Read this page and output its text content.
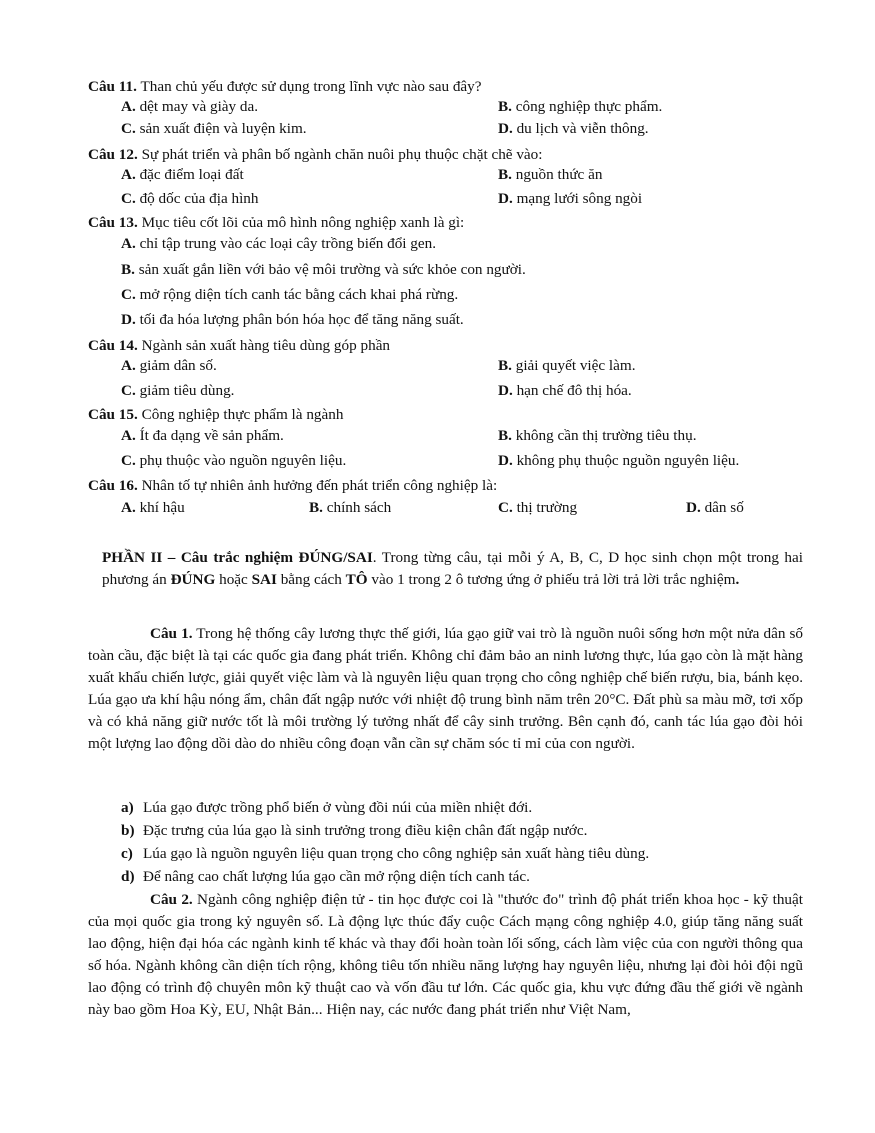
Câu 11. Than chủ yếu được sử dụng trong lĩnh vực nào sau đây?
A. dệt may và giày da.	B. công nghiệp thực phẩm.
C. sản xuất điện và luyện kim.	D. du lịch và viễn thông.
Câu 12. Sự phát triển và phân bố ngành chăn nuôi phụ thuộc chặt chẽ vào:
A. đặc điểm loại đất	B. nguồn thức ăn
C. độ dốc của địa hình	D. mạng lưới sông ngòi
Câu 13. Mục tiêu cốt lõi của mô hình nông nghiệp xanh là gì:
A. chỉ tập trung vào các loại cây trồng biến đổi gen.
B. sản xuất gắn liền với bảo vệ môi trường và sức khỏe con người.
C. mở rộng diện tích canh tác bằng cách khai phá rừng.
D. tối đa hóa lượng phân bón hóa học để tăng năng suất.
Câu 14. Ngành sản xuất hàng tiêu dùng góp phần
A. giảm dân số.	B. giải quyết việc làm.
C. giảm tiêu dùng.	D. hạn chế đô thị hóa.
Câu 15. Công nghiệp thực phẩm là ngành
A. Ít đa dạng về sản phẩm.	B. không cần thị trường tiêu thụ.
C. phụ thuộc vào nguồn nguyên liệu.	D. không phụ thuộc nguồn nguyên liệu.
Câu 16. Nhân tố tự nhiên ảnh hưởng đến phát triển công nghiệp là:
A. khí hậu	B. chính sách	C. thị trường	D. dân số
PHẦN II – Câu trắc nghiệm ĐÚNG/SAI. Trong từng câu, tại mỗi ý A, B, C, D học sinh chọn một trong hai phương án ĐÚNG hoặc SAI bằng cách TÔ vào 1 trong 2 ô tương ứng ở phiếu trả lời trả lời trắc nghiệm.
Câu 1. Trong hệ thống cây lương thực thế giới, lúa gạo giữ vai trò là nguồn nuôi sống hơn một nửa dân số toàn cầu, đặc biệt là tại các quốc gia đang phát triển. Không chỉ đảm bảo an ninh lương thực, lúa gạo còn là mặt hàng xuất khẩu chiến lược, giải quyết việc làm và là nguyên liệu quan trọng cho công nghiệp chế biến rượu, bia, bánh kẹo. Lúa gạo ưa khí hậu nóng ẩm, chân đất ngập nước với nhiệt độ trung bình năm trên 20°C. Đất phù sa màu mỡ, tơi xốp và có khả năng giữ nước tốt là môi trường lý tưởng nhất để cây sinh trưởng. Bên cạnh đó, canh tác lúa gạo đòi hỏi một lượng lao động dồi dào do nhiều công đoạn vẫn cần sự chăm sóc tỉ mỉ của con người.
a) Lúa gạo được trồng phổ biến ở vùng đồi núi của miền nhiệt đới.
b) Đặc trưng của lúa gạo là sinh trưởng trong điều kiện chân đất ngập nước.
c) Lúa gạo là nguồn nguyên liệu quan trọng cho công nghiệp sản xuất hàng tiêu dùng.
d) Để nâng cao chất lượng lúa gạo cần mở rộng diện tích canh tác.
Câu 2. Ngành công nghiệp điện tử - tin học được coi là "thước đo" trình độ phát triển khoa học - kỹ thuật của mọi quốc gia trong kỷ nguyên số. Là động lực thúc đẩy cuộc Cách mạng công nghiệp 4.0, giúp tăng năng suất lao động, hiện đại hóa các ngành kinh tế khác và thay đổi hoàn toàn lối sống, cách làm việc của con người thông qua số hóa. Ngành không cần diện tích rộng, không tiêu tốn nhiều năng lượng hay nguyên liệu, nhưng lại đòi hỏi đội ngũ lao động có trình độ chuyên môn kỹ thuật cao và vốn đầu tư lớn. Các quốc gia, khu vực đứng đầu thế giới về ngành này bao gồm Hoa Kỳ, EU, Nhật Bản... Hiện nay, các nước đang phát triển như Việt Nam,
